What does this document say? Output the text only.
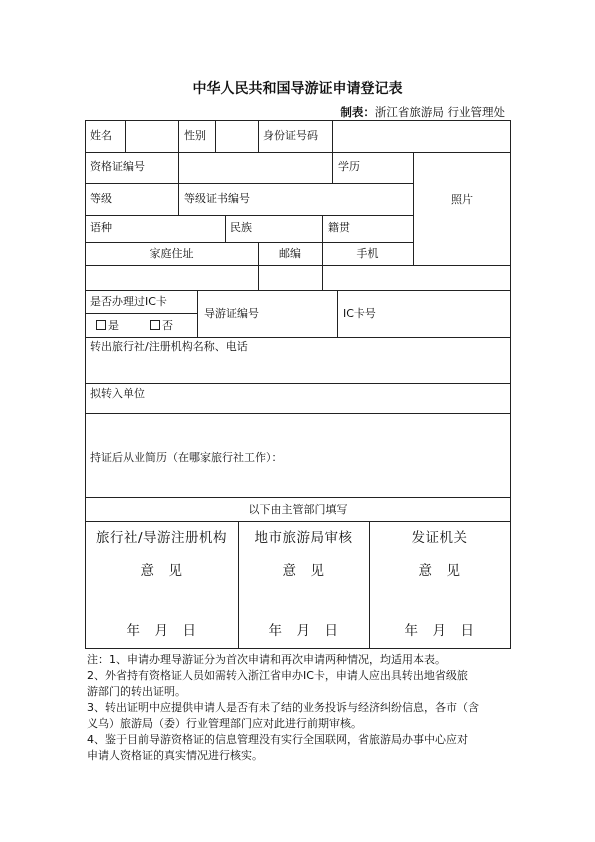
中华人民共和国导游证申请登记表
制表：浙江省旅游局 行业管理处
姓名	性别	身份证号码
资格证编号	学历
照片
等级	等级证书编号
语种	民族	籍贯
家庭住址	邮编	手机
是否办理过IC卡
是	否
导游证编号	IC卡号
转出旅行社/注册机构名称、电话
拟转入单位
持证后从业简历（在哪家旅行社工作）：
以下由主管部门填写
旅行社/导游注册机构
意　见
年　月　日
地市旅游局审核
意　见
年　月　日
发证机关
意　见
年　月　日
注：1、申请办理导游证分为首次申请和再次申请两种情况，均适用本表。
2、外省持有资格证人员如需转入浙江省申办IC卡，申请人应出具转出地省级旅
游部门的转出证明。
3、转出证明中应提供申请人是否有未了结的业务投诉与经济纠纷信息，各市（含
义乌）旅游局（委）行业管理部门应对此进行前期审核。
4、鉴于目前导游资格证的信息管理没有实行全国联网，省旅游局办事中心应对
申请人资格证的真实情况进行核实。
